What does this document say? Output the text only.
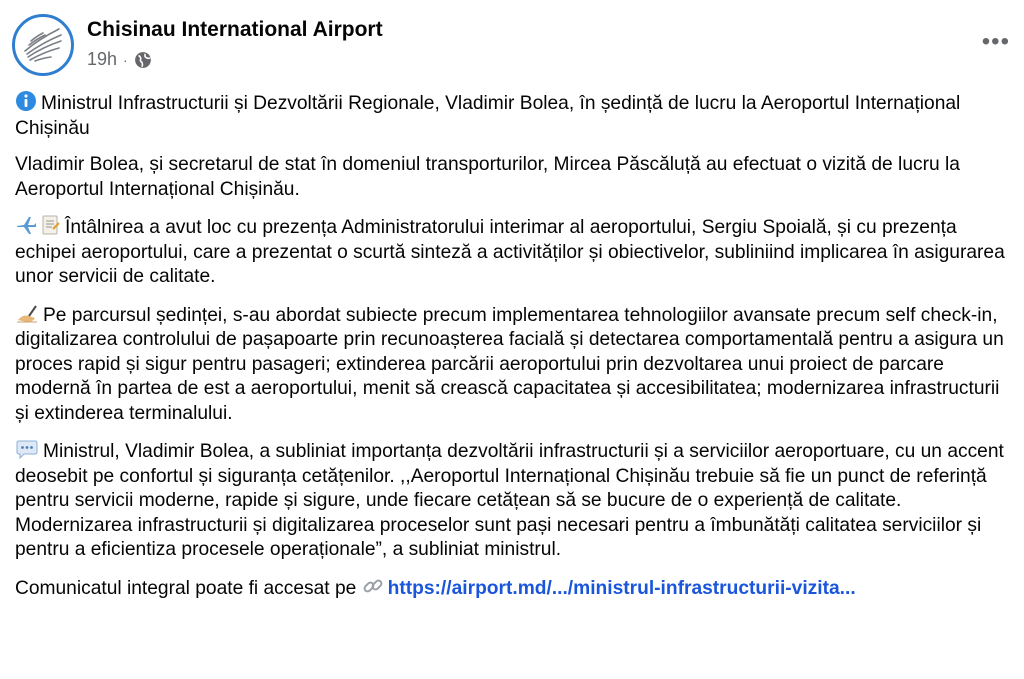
Chisinau International Airport
19h ·
•••

Ministrul Infrastructurii și Dezvoltării Regionale, Vladimir Bolea, în ședință de lucru la Aeroportul Internațional Chișinău

Vladimir Bolea, și secretarul de stat în domeniul transporturilor, Mircea Păscăluță au efectuat o vizită de lucru la Aeroportul Internațional Chișinău.

Întâlnirea a avut loc cu prezența Administratorului interimar al aeroportului, Sergiu Spoială, și cu prezența echipei aeroportului, care a prezentat o scurtă sinteză a activităților și obiectivelor, subliniind implicarea în asigurarea unor servicii de calitate.

Pe parcursul ședinței, s-au abordat subiecte precum implementarea tehnologiilor avansate precum self check-in, digitalizarea controlului de pașapoarte prin recunoașterea facială și detectarea comportamentală pentru a asigura un proces rapid și sigur pentru pasageri; extinderea parcării aeroportului prin dezvoltarea unui proiect de parcare modernă în partea de est a aeroportului, menit să crească capacitatea și accesibilitatea; modernizarea infrastructurii și extinderea terminalului.

Ministrul, Vladimir Bolea, a subliniat importanța dezvoltării infrastructurii și a serviciilor aeroportuare, cu un accent deosebit pe confortul și siguranța cetățenilor. ,,Aeroportul Internațional Chișinău trebuie să fie un punct de referință pentru servicii moderne, rapide și sigure, unde fiecare cetățean să se bucure de o experiență de calitate. Modernizarea infrastructurii și digitalizarea proceselor sunt pași necesari pentru a îmbunătăți calitatea serviciilor și pentru a eficientiza procesele operaționale”, a subliniat ministrul.

Comunicatul integral poate fi accesat pe https://airport.md/.../ministrul-infrastructurii-vizita...
